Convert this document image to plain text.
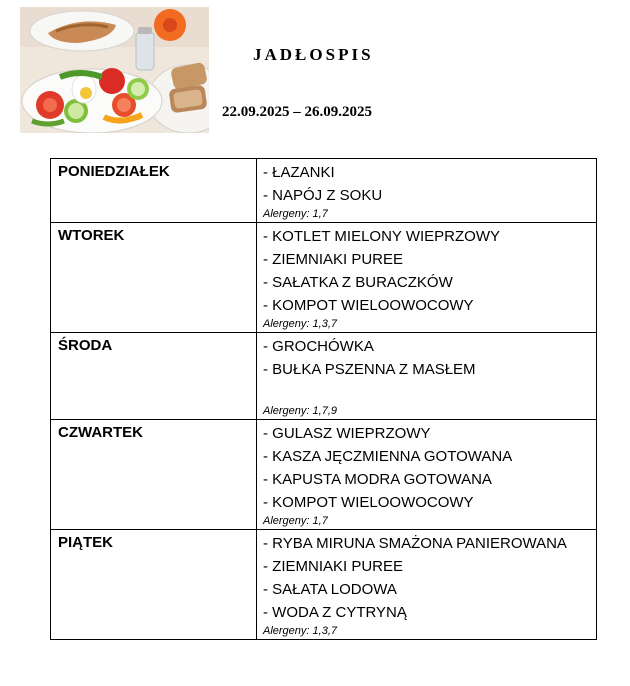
JADŁOSPIS
22.09.2025 – 26.09.2025
PONIEDZIAŁEK	- ŁAZANKI
- NAPÓJ Z SOKU
Alergeny: 1,7

WTOREK	- KOTLET MIELONY WIEPRZOWY
- ZIEMNIAKI PUREE
- SAŁATKA Z BURACZKÓW
- KOMPOT WIELOOWOCOWY
Alergeny: 1,3,7

ŚRODA	- GROCHÓWKA
- BUŁKA PSZENNA Z MASŁEM
Alergeny: 1,7,9

CZWARTEK	- GULASZ WIEPRZOWY
- KASZA JĘCZMIENNA GOTOWANA
- KAPUSTA MODRA GOTOWANA
- KOMPOT WIELOOWOCOWY
Alergeny: 1,7

PIĄTEK	- RYBA MIRUNA SMAŻONA PANIEROWANA
- ZIEMNIAKI PUREE
- SAŁATA LODOWA
- WODA Z CYTRYNĄ
Alergeny: 1,3,7
